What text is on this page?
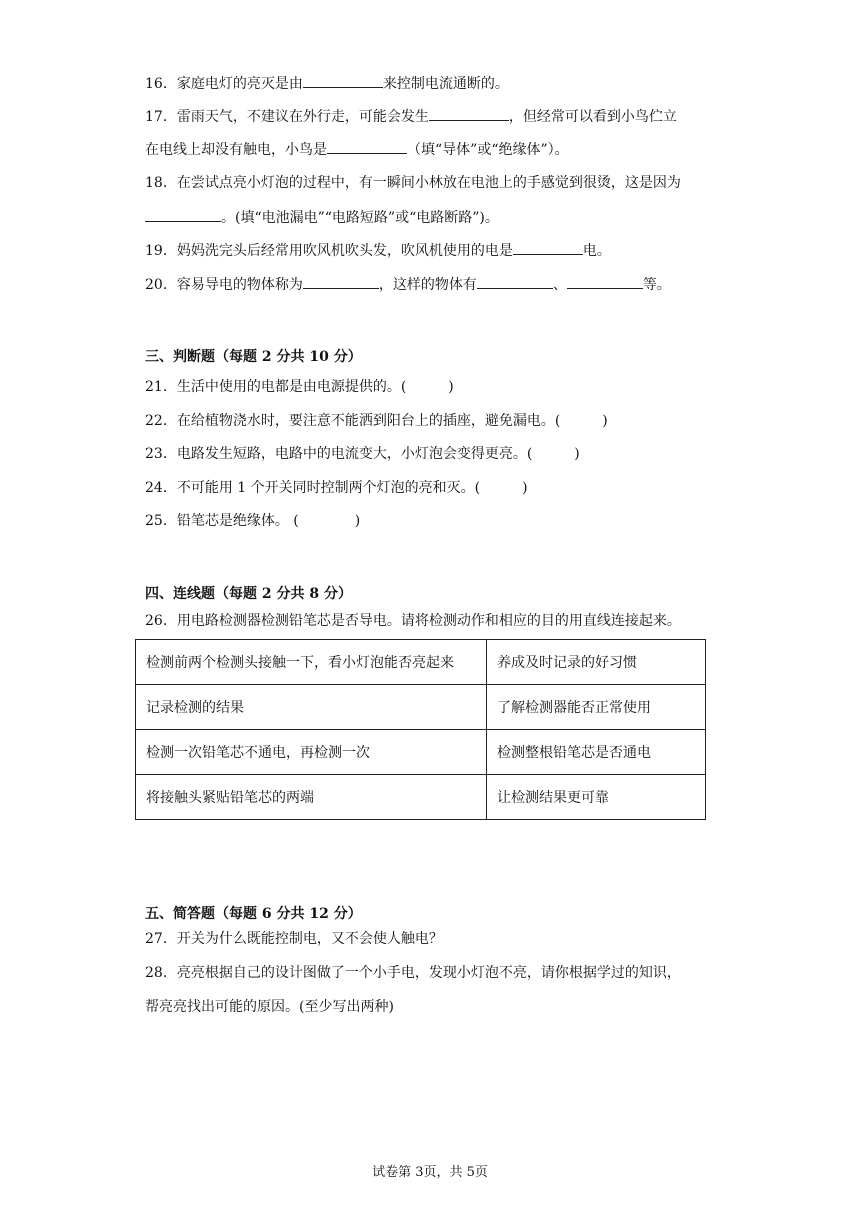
16．家庭电灯的亮灭是由	来控制电流通断的。
17．雷雨天气，不建议在外行走，可能会发生	，但经常可以看到小鸟伫立
在电线上却没有触电，小鸟是	（填“导体”或“绝缘体”）。
18．在尝试点亮小灯泡的过程中，有一瞬间小林放在电池上的手感觉到很烫，这是因为
。(填“电池漏电”“电路短路”或“电路断路”)。
19．妈妈洗完头后经常用吹风机吹头发，吹风机使用的电是	电。
20．容易导电的物体称为	，这样的物体有	、	等。
三、判断题（每题 2 分共 10 分）
21．生活中使用的电都是由电源提供的。(　　　)
22．在给植物浇水时，要注意不能洒到阳台上的插座，避免漏电。(　　　)
23．电路发生短路，电路中的电流变大，小灯泡会变得更亮。(　　　)
24．不可能用 1 个开关同时控制两个灯泡的亮和灭。(　　　)
25．铅笔芯是绝缘体。 (　　　　)
四、连线题（每题 2 分共 8 分）
26．用电路检测器检测铅笔芯是否导电。请将检测动作和相应的目的用直线连接起来。
检测前两个检测头接触一下，看小灯泡能否亮起来	养成及时记录的好习惯
记录检测的结果	了解检测器能否正常使用
检测一次铅笔芯不通电，再检测一次	检测整根铅笔芯是否通电
将接触头紧贴铅笔芯的两端	让检测结果更可靠
五、简答题（每题 6 分共 12 分）
27．开关为什么既能控制电，又不会使人触电？
28．亮亮根据自己的设计图做了一个小手电，发现小灯泡不亮，请你根据学过的知识，
帮亮亮找出可能的原因。(至少写出两种)
试卷第 3页，共 5页
